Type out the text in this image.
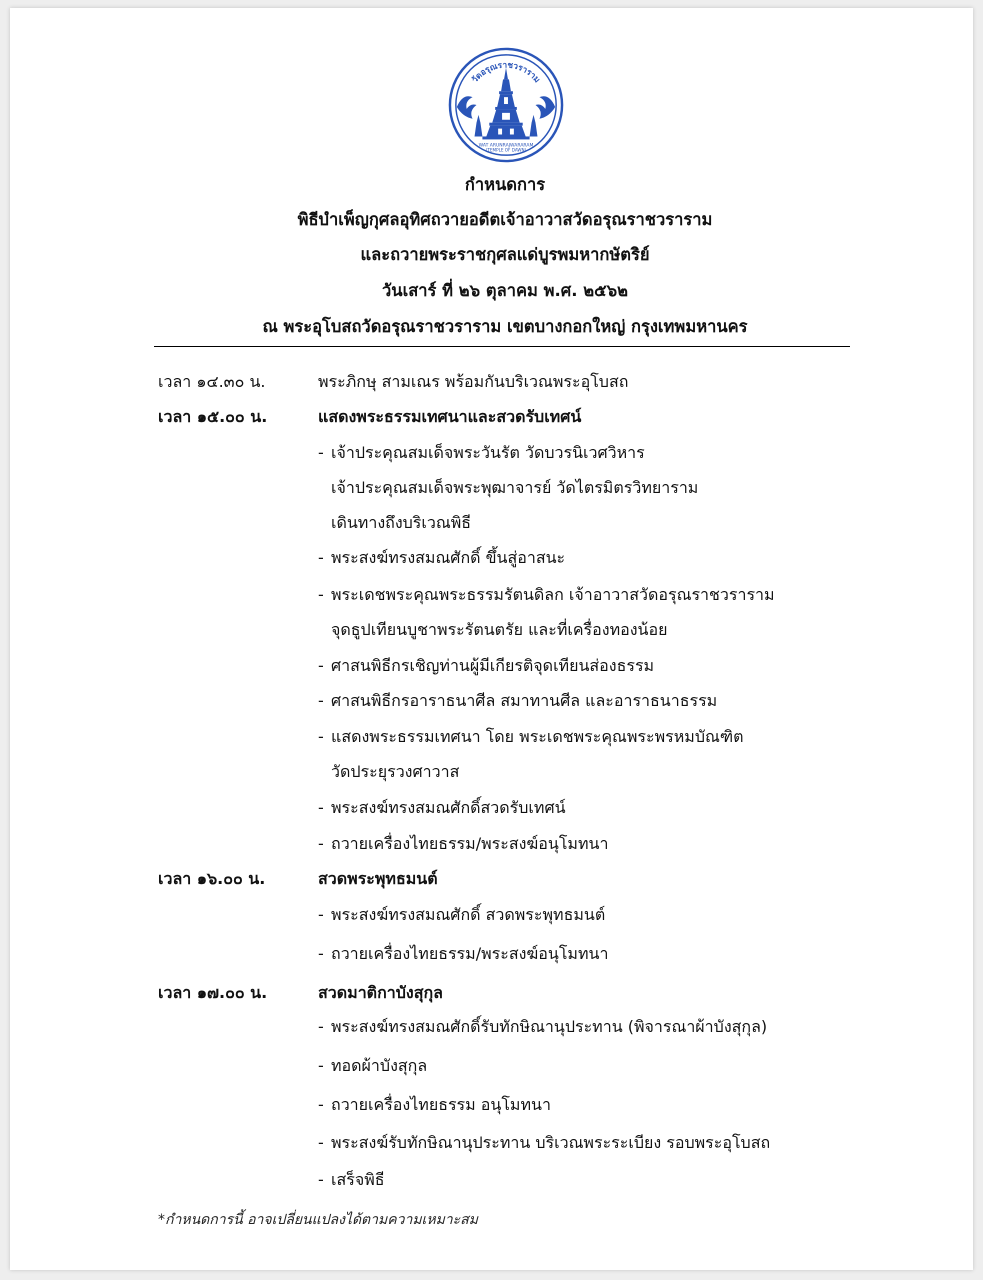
วัดอรุณราชวราราม
WAT ARUNRAJWARARAM
(TEMPLE OF DAWN)
กำหนดการ
พิธีบำเพ็ญกุศลอุทิศถวายอดีตเจ้าอาวาสวัดอรุณราชวราราม
และถวายพระราชกุศลแด่บูรพมหากษัตริย์
วันเสาร์ ที่ ๒๖ ตุลาคม พ.ศ. ๒๕๖๒
ณ พระอุโบสถวัดอรุณราชวราราม เขตบางกอกใหญ่ กรุงเทพมหานคร
เวลา ๑๔.๓๐ น.	พระภิกษุ สามเณร พร้อมกันบริเวณพระอุโบสถ
เวลา ๑๕.๐๐ น.	แสดงพระธรรมเทศนาและสวดรับเทศน์
- เจ้าประคุณสมเด็จพระวันรัต วัดบวรนิเวศวิหาร
เจ้าประคุณสมเด็จพระพุฒาจารย์ วัดไตรมิตรวิทยาราม
เดินทางถึงบริเวณพิธี
- พระสงฆ์ทรงสมณศักดิ์ ขึ้นสู่อาสนะ
- พระเดชพระคุณพระธรรมรัตนดิลก เจ้าอาวาสวัดอรุณราชวราราม
จุดธูปเทียนบูชาพระรัตนตรัย และที่เครื่องทองน้อย
- ศาสนพิธีกรเชิญท่านผู้มีเกียรติจุดเทียนส่องธรรม
- ศาสนพิธีกรอาราธนาศีล สมาทานศีล และอาราธนาธรรม
- แสดงพระธรรมเทศนา โดย พระเดชพระคุณพระพรหมบัณฑิต
วัดประยุรวงศาวาส
- พระสงฆ์ทรงสมณศักดิ์สวดรับเทศน์
- ถวายเครื่องไทยธรรม/พระสงฆ์อนุโมทนา
เวลา ๑๖.๐๐ น.	สวดพระพุทธมนต์
- พระสงฆ์ทรงสมณศักดิ์ สวดพระพุทธมนต์
- ถวายเครื่องไทยธรรม/พระสงฆ์อนุโมทนา
เวลา ๑๗.๐๐ น.	สวดมาติกาบังสุกุล
- พระสงฆ์ทรงสมณศักดิ์รับทักษิณานุประทาน (พิจารณาผ้าบังสุกุล)
- ทอดผ้าบังสุกุล
- ถวายเครื่องไทยธรรม อนุโมทนา
- พระสงฆ์รับทักษิณานุประทาน บริเวณพระระเบียง รอบพระอุโบสถ
- เสร็จพิธี
*กำหนดการนี้ อาจเปลี่ยนแปลงได้ตามความเหมาะสม
